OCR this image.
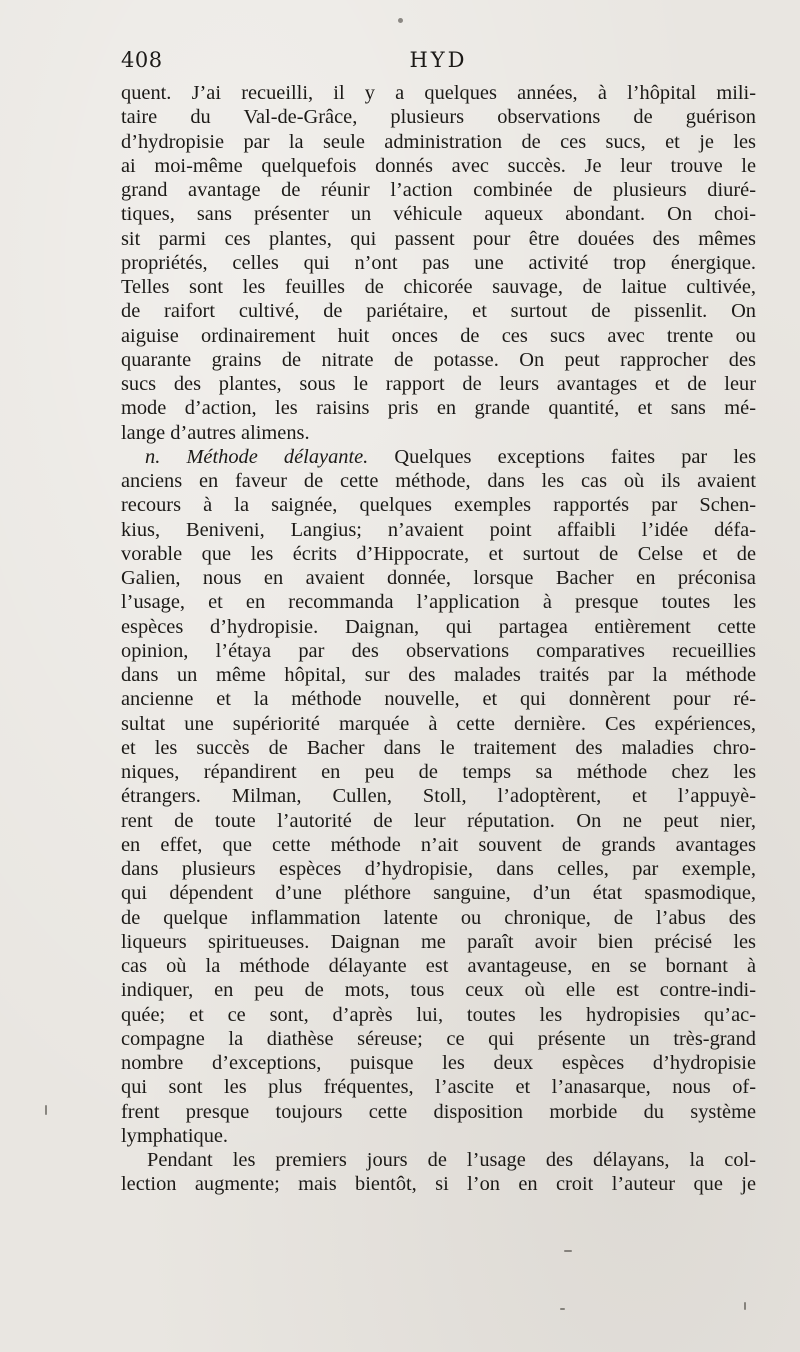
408	HYD
quent. J’ai recueilli, il y a quelques années, à l’hôpital mili-
taire du Val-de-Grâce, plusieurs observations de guérison
d’hydropisie par la seule administration de ces sucs, et je les
ai moi-même quelquefois donnés avec succès. Je leur trouve le
grand avantage de réunir l’action combinée de plusieurs diuré-
tiques, sans présenter un véhicule aqueux abondant. On choi-
sit parmi ces plantes, qui passent pour être douées des mêmes
propriétés, celles qui n’ont pas une activité trop énergique.
Telles sont les feuilles de chicorée sauvage, de laitue cultivée,
de raifort cultivé, de pariétaire, et surtout de pissenlit. On
aiguise ordinairement huit onces de ces sucs avec trente ou
quarante grains de nitrate de potasse. On peut rapprocher des
sucs des plantes, sous le rapport de leurs avantages et de leur
mode d’action, les raisins pris en grande quantité, et sans mé-
lange d’autres alimens.
n. Méthode délayante. Quelques exceptions faites par les
anciens en faveur de cette méthode, dans les cas où ils avaient
recours à la saignée, quelques exemples rapportés par Schen-
kius, Beniveni, Langius; n’avaient point affaibli l’idée défa-
vorable que les écrits d’Hippocrate, et surtout de Celse et de
Galien, nous en avaient donnée, lorsque Bacher en préconisa
l’usage, et en recommanda l’application à presque toutes les
espèces d’hydropisie. Daignan, qui partagea entièrement cette
opinion, l’étaya par des observations comparatives recueillies
dans un même hôpital, sur des malades traités par la méthode
ancienne et la méthode nouvelle, et qui donnèrent pour ré-
sultat une supériorité marquée à cette dernière. Ces expériences,
et les succès de Bacher dans le traitement des maladies chro-
niques, répandirent en peu de temps sa méthode chez les
étrangers. Milman, Cullen, Stoll, l’adoptèrent, et l’appuyè-
rent de toute l’autorité de leur réputation. On ne peut nier,
en effet, que cette méthode n’ait souvent de grands avantages
dans plusieurs espèces d’hydropisie, dans celles, par exemple,
qui dépendent d’une pléthore sanguine, d’un état spasmodique,
de quelque inflammation latente ou chronique, de l’abus des
liqueurs spiritueuses. Daignan me paraît avoir bien précisé les
cas où la méthode délayante est avantageuse, en se bornant à
indiquer, en peu de mots, tous ceux où elle est contre-indi-
quée; et ce sont, d’après lui, toutes les hydropisies qu’ac-
compagne la diathèse séreuse; ce qui présente un très-grand
nombre d’exceptions, puisque les deux espèces d’hydropisie
qui sont les plus fréquentes, l’ascite et l’anasarque, nous of-
frent presque toujours cette disposition morbide du système
lymphatique.
Pendant les premiers jours de l’usage des délayans, la col-
lection augmente; mais bientôt, si l’on en croit l’auteur que je
